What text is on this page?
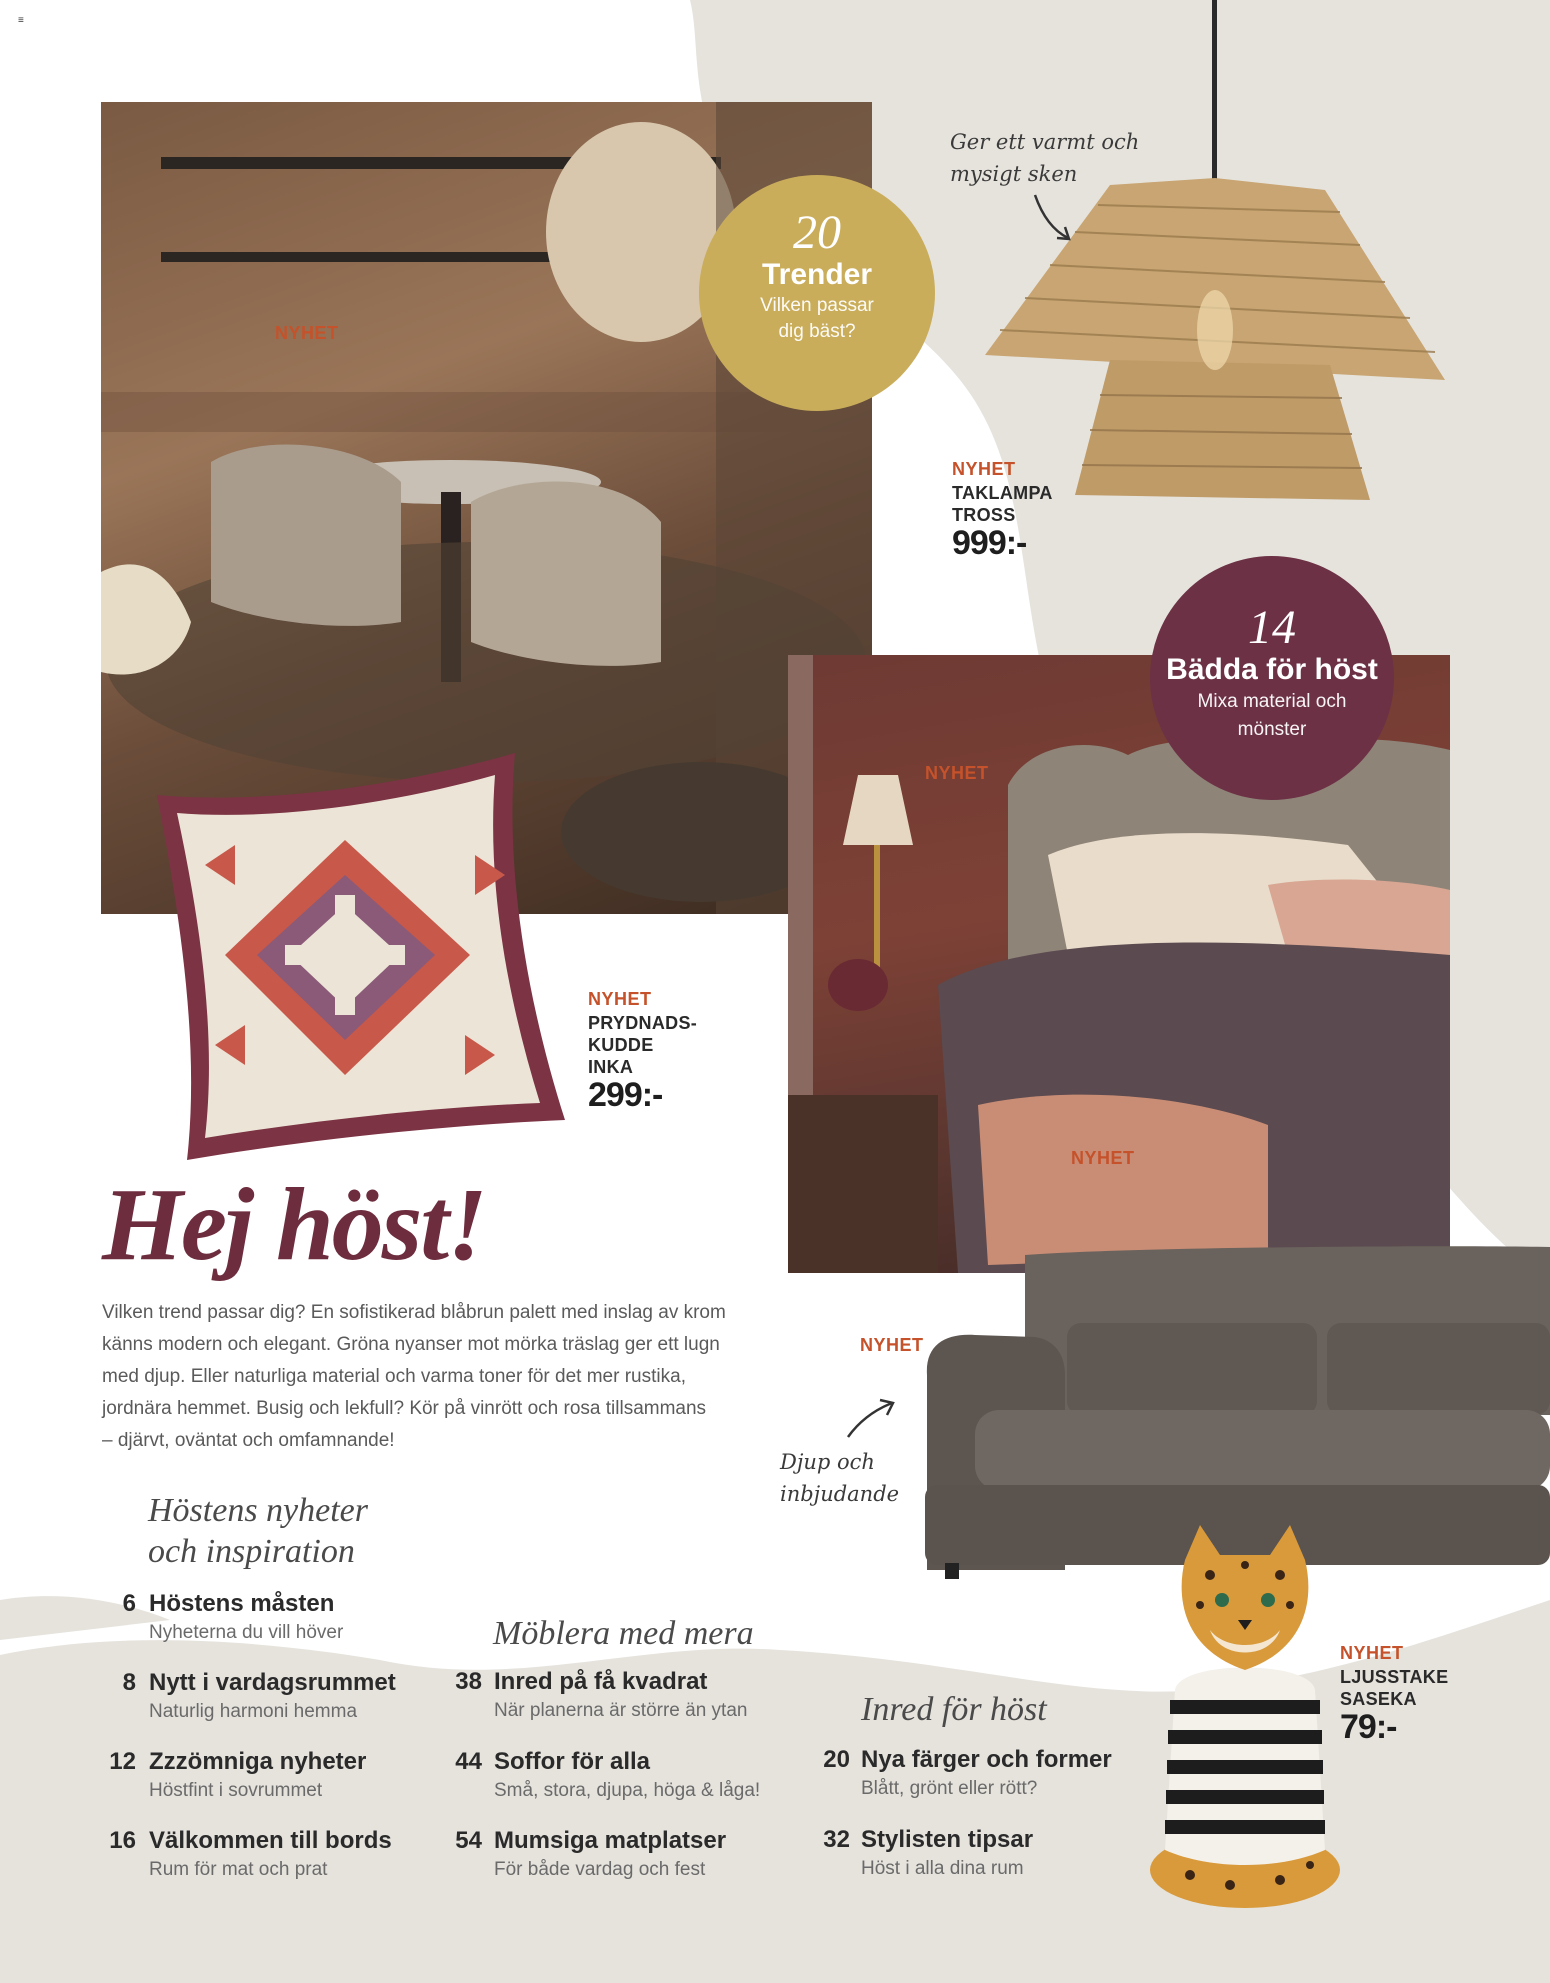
≡
NYHET
NYHET
NYHET
20
Trender
Vilken passar
dig bäst?
14
Bädda för höst
Mixa material och
mönster
Ger ett varmt och
mysigt sken
NYHET
TAKLAMPA
TROSS
999:-
NYHET
PRYDNADS-
KUDDE
INKA
299:-
NYHET
Djup och
inbjudande
NYHET
LJUSSTAKE
SASEKA
79:-
Hej höst!
Vilken trend passar dig? En sofistikerad blåbrun palett med inslag av krom
känns modern och elegant. Gröna nyanser mot mörka träslag ger ett lugn
med djup. Eller naturliga material och varma toner för det mer rustika,
jordnära hemmet. Busig och lekfull? Kör på vinrött och rosa tillsammans
– djärvt, oväntat och omfamnande!
Höstens nyheter
och inspiration
6 Höstens måsten
Nyheterna du vill höver
8 Nytt i vardagsrummet
Naturlig harmoni hemma
12 Zzzömniga nyheter
Höstfint i sovrummet
16 Välkommen till bords
Rum för mat och prat
Möblera med mera
38 Inred på få kvadrat
När planerna är större än ytan
44 Soffor för alla
Små, stora, djupa, höga & låga!
54 Mumsiga matplatser
För både vardag och fest
Inred för höst
20 Nya färger och former
Blått, grönt eller rött?
32 Stylisten tipsar
Höst i alla dina rum
